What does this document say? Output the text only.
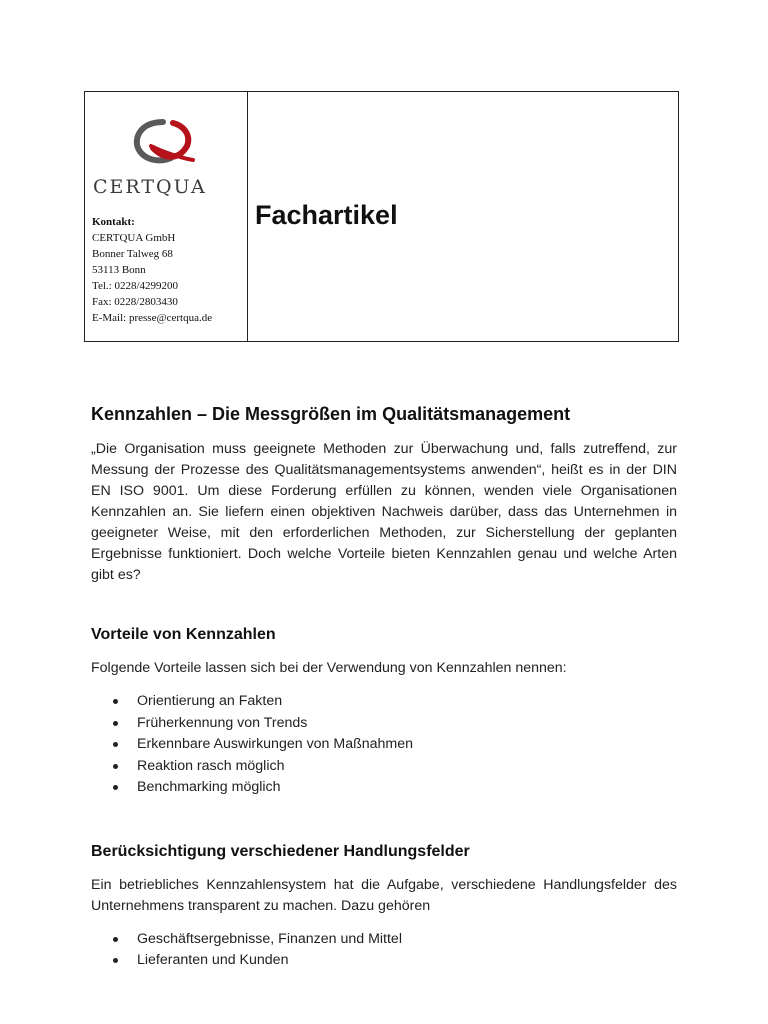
CERTQUA
Kontakt:
CERTQUA GmbH
Bonner Talweg 68
53113 Bonn
Tel.: 0228/4299200
Fax: 0228/2803430
E-Mail: presse@certqua.de
Fachartikel
Kennzahlen – Die Messgrößen im Qualitätsmanagement

„Die Organisation muss geeignete Methoden zur Überwachung und, falls zutreffend, zur Messung der Prozesse des Qualitätsmanagementsystems anwenden“, heißt es in der DIN EN ISO 9001. Um diese Forderung erfüllen zu können, wenden viele Organisationen Kennzahlen an. Sie liefern einen objektiven Nachweis darüber, dass das Unternehmen in geeigneter Weise, mit den erforderlichen Methoden, zur Sicherstellung der geplanten Ergebnisse funktioniert. Doch welche Vorteile bieten Kennzahlen genau und welche Arten gibt es?

Vorteile von Kennzahlen

Folgende Vorteile lassen sich bei der Verwendung von Kennzahlen nennen:

Orientierung an Fakten
Früherkennung von Trends
Erkennbare Auswirkungen von Maßnahmen
Reaktion rasch möglich
Benchmarking möglich
Berücksichtigung verschiedener Handlungsfelder

Ein betriebliches Kennzahlensystem hat die Aufgabe, verschiedene Handlungsfelder des Unternehmens transparent zu machen. Dazu gehören

Geschäftsergebnisse, Finanzen und Mittel
Lieferanten und Kunden
